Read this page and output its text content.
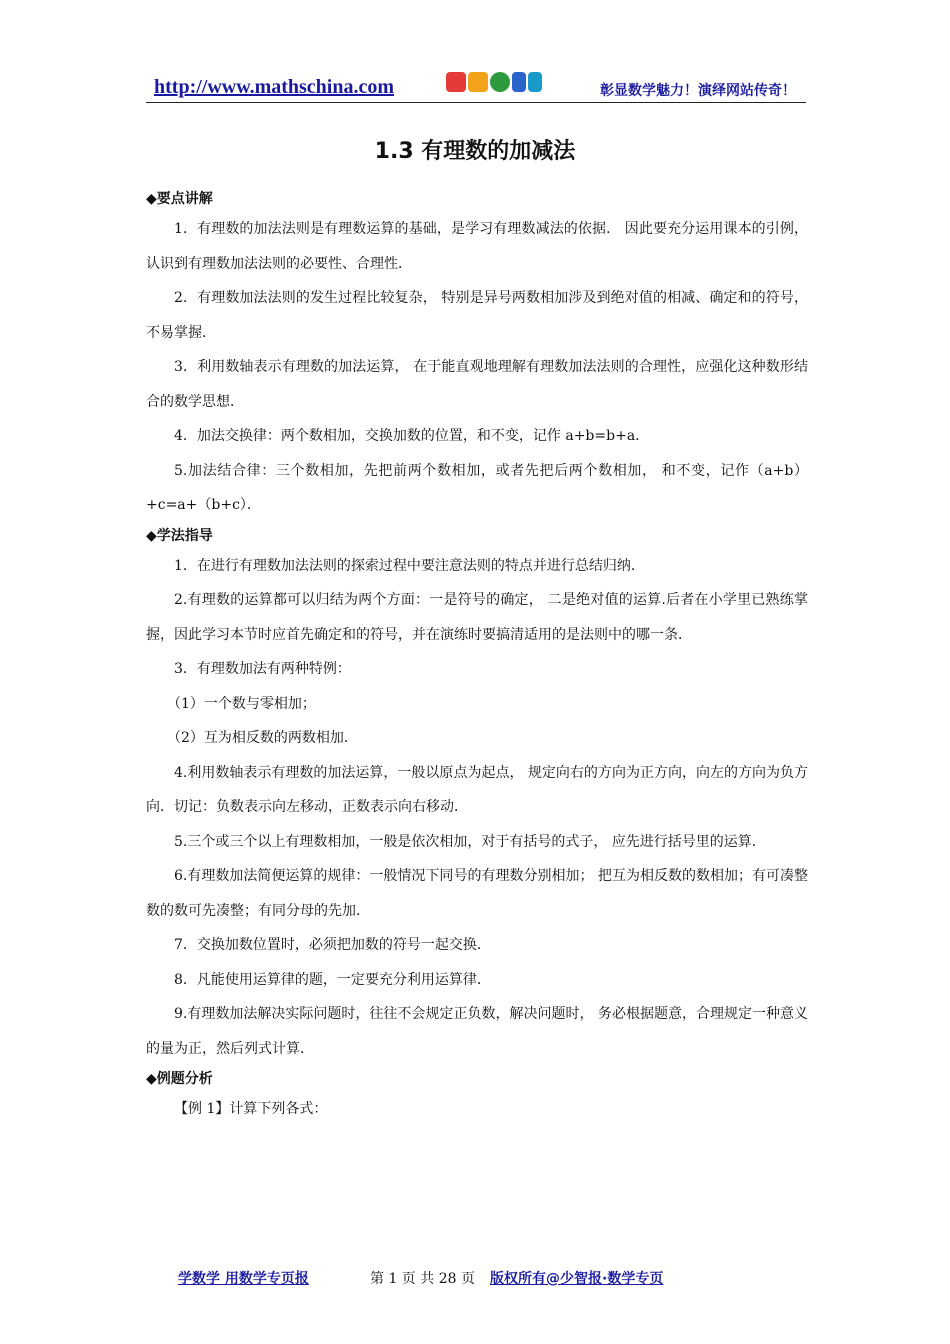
http://www.mathschina.com	彰显数学魅力！演绎网站传奇！
1.3 有理数的加减法
◆要点讲解

1．有理数的加法法则是有理数运算的基础，是学习有理数减法的依据． 因此要充分运用课本的引例，认识到有理数加法法则的必要性、合理性．

2．有理数加法法则的发生过程比较复杂， 特别是异号两数相加涉及到绝对值的相减、确定和的符号，不易掌握．

3．利用数轴表示有理数的加法运算， 在于能直观地理解有理数加法法则的合理性，应强化这种数形结合的数学思想．

4．加法交换律：两个数相加，交换加数的位置，和不变，记作 a+b=b+a．

5.加法结合律：三个数相加，先把前两个数相加，或者先把后两个数相加， 和不变，记作（a+b）+c=a+（b+c）．

◆学法指导

1．在进行有理数加法法则的探索过程中要注意法则的特点并进行总结归纳．

2.有理数的运算都可以归结为两个方面：一是符号的确定， 二是绝对值的运算.后者在小学里已熟练掌握，因此学习本节时应首先确定和的符号，并在演练时要搞清适用的是法则中的哪一条．

3．有理数加法有两种特例：

（1）一个数与零相加；

（2）互为相反数的两数相加．

4.利用数轴表示有理数的加法运算，一般以原点为起点， 规定向右的方向为正方向，向左的方向为负方向．切记：负数表示向左移动，正数表示向右移动．

5.三个或三个以上有理数相加，一般是依次相加，对于有括号的式子， 应先进行括号里的运算．

6.有理数加法简便运算的规律：一般情况下同号的有理数分别相加； 把互为相反数的数相加；有可凑整数的数可先凑整；有同分母的先加．

7．交换加数位置时，必须把加数的符号一起交换．

8．凡能使用运算律的题，一定要充分利用运算律．

9.有理数加法解决实际问题时，往往不会规定正负数，解决问题时， 务必根据题意，合理规定一种意义的量为正，然后列式计算．

◆例题分析

【例 1】计算下列各式：

学数学 用数学专页报	第 1 页 共 28 页 版权所有@少智报·数学专页
